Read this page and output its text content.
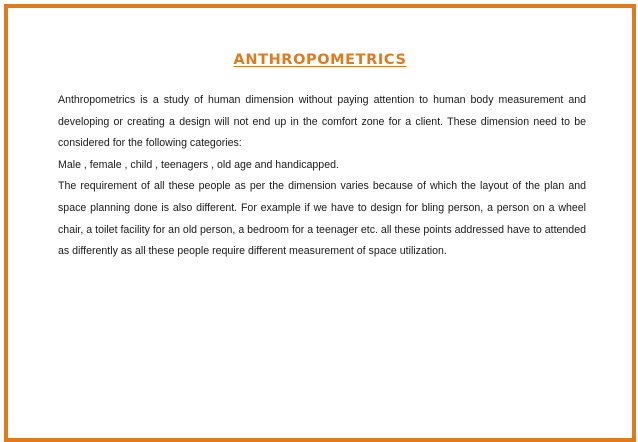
ANTHROPOMETRICS

Anthropometrics is a study of human dimension without paying attention to human body measurement and developing or creating a design will not end up in the comfort zone for a client. These dimension need to be considered for the following categories:

Male , female , child , teenagers , old age and handicapped.

The requirement of all these people as per the dimension varies because of which the layout of the plan and space planning done is also different. For example if we have to design for bling person, a person on a wheel chair, a toilet facility for an old person, a bedroom for a teenager etc. all these points addressed have to attended as differently as all these people require different measurement of space utilization.
